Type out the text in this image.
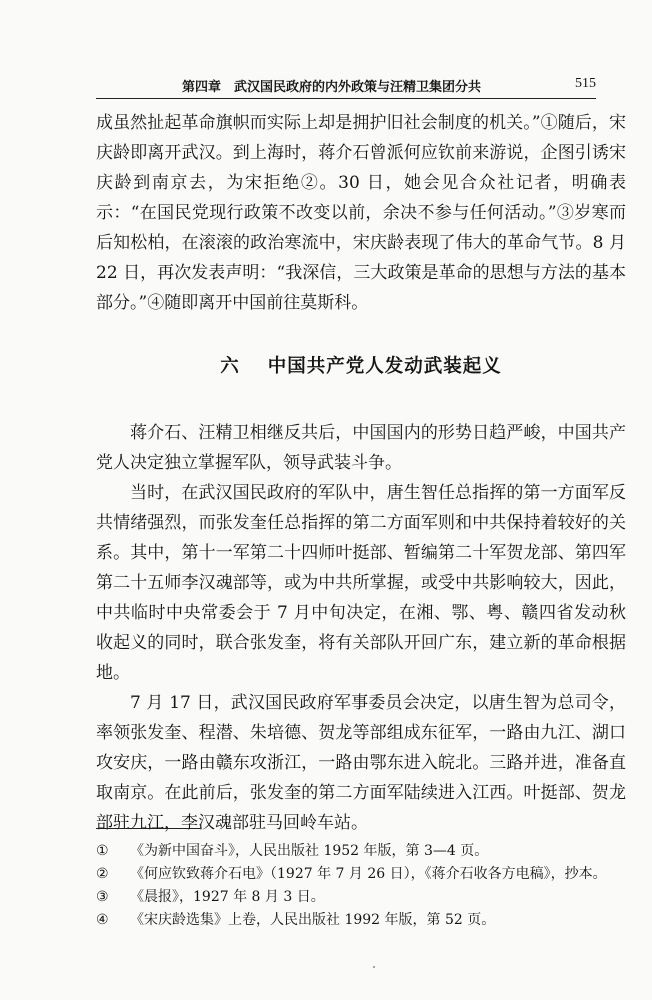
第四章　武汉国民政府的内外政策与汪精卫集团分共	515

成虽然扯起革命旗帜而实际上却是拥护旧社会制度的机关。”①随后，宋庆龄即离开武汉。到上海时，蒋介石曾派何应钦前来游说，企图引诱宋庆龄到南京去，为宋拒绝②。30 日，她会见合众社记者，明确表示：“在国民党现行政策不改变以前，余决不参与任何活动。”③岁寒而后知松柏，在滚滚的政治寒流中，宋庆龄表现了伟大的革命气节。8 月 22 日，再次发表声明：“我深信，三大政策是革命的思想与方法的基本部分。”④随即离开中国前往莫斯科。

六 中国共产党人发动武装起义

蒋介石、汪精卫相继反共后，中国国内的形势日趋严峻，中国共产党人决定独立掌握军队，领导武装斗争。

当时，在武汉国民政府的军队中，唐生智任总指挥的第一方面军反共情绪强烈，而张发奎任总指挥的第二方面军则和中共保持着较好的关系。其中，第十一军第二十四师叶挺部、暂编第二十军贺龙部、第四军第二十五师李汉魂部等，或为中共所掌握，或受中共影响较大，因此，中共临时中央常委会于 7 月中旬决定，在湘、鄂、粤、赣四省发动秋收起义的同时，联合张发奎，将有关部队开回广东，建立新的革命根据地。

7 月 17 日，武汉国民政府军事委员会决定，以唐生智为总司令，率领张发奎、程潜、朱培德、贺龙等部组成东征军，一路由九江、湖口攻安庆，一路由赣东攻浙江，一路由鄂东进入皖北。三路并进，准备直取南京。在此前后，张发奎的第二方面军陆续进入江西。叶挺部、贺龙部驻九江，李汉魂部驻马回岭车站。

①	《为新中国奋斗》，人民出版社 1952 年版，第 3—4 页。
②	《何应钦致蒋介石电》（1927 年 7 月 26 日），《蒋介石收各方电稿》，抄本。
③	《晨报》，1927 年 8 月 3 日。
④	《宋庆龄选集》上卷，人民出版社 1992 年版，第 52 页。
